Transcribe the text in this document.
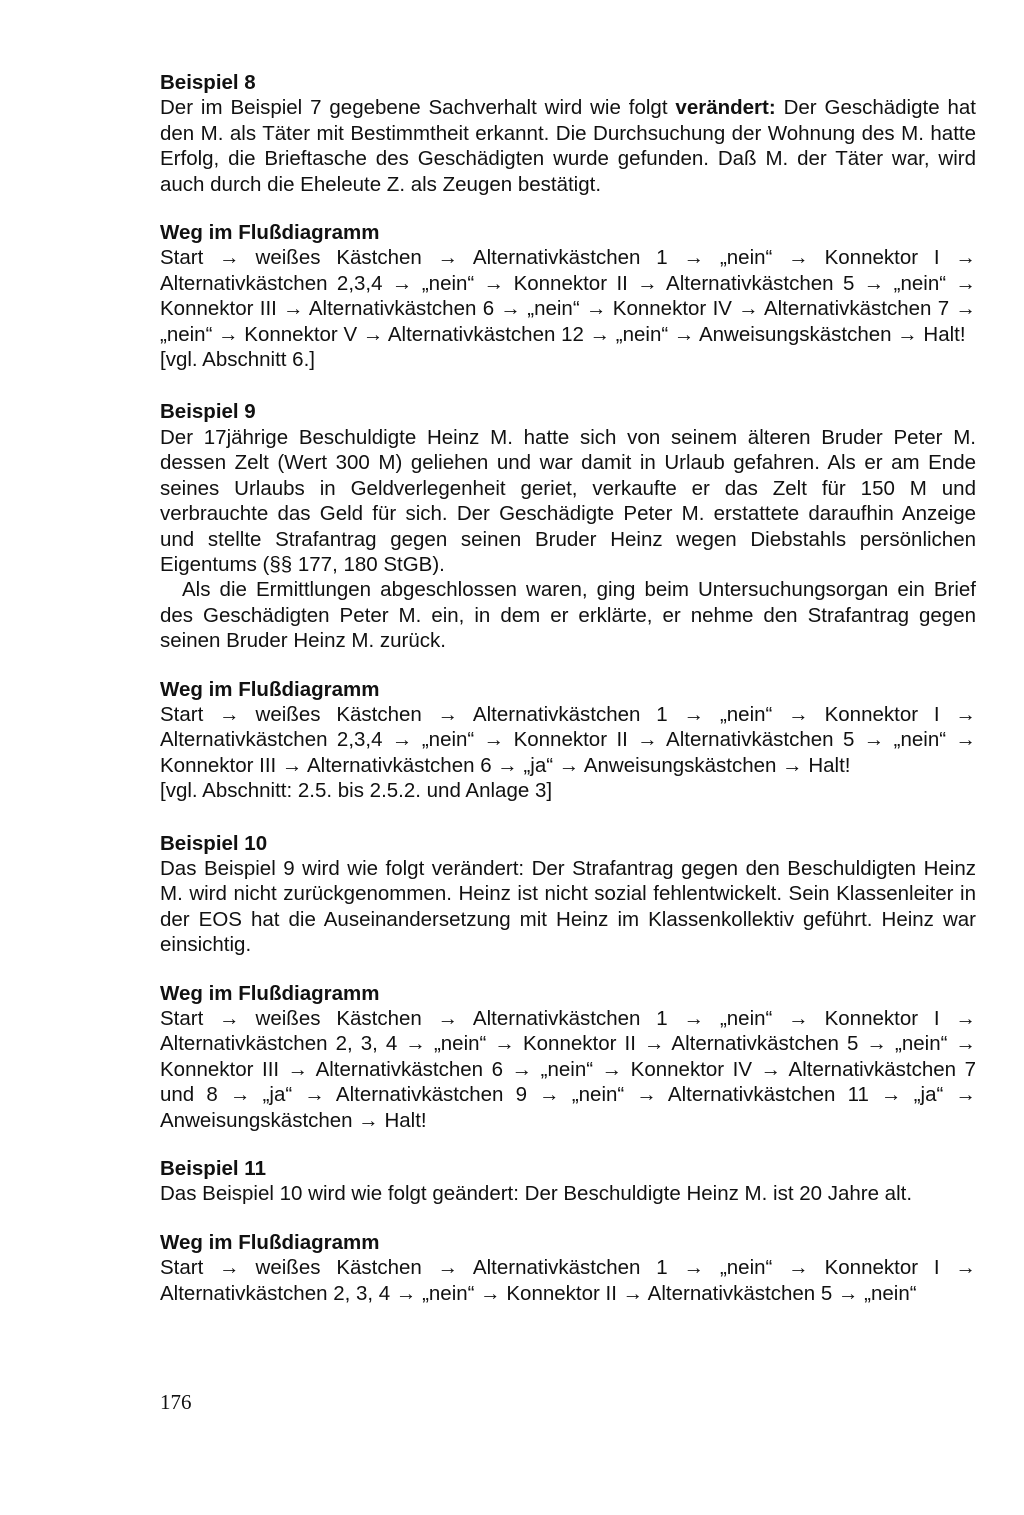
Beispiel 8

Der im Beispiel 7 gegebene Sachverhalt wird wie folgt verändert: Der Geschädigte hat den M. als Täter mit Bestimmtheit erkannt. Die Durchsuchung der Wohnung des M. hatte Erfolg, die Brieftasche des Geschädigten wurde gefunden. Daß M. der Täter war, wird auch durch die Eheleute Z. als Zeugen bestätigt.

Weg im Flußdiagramm

Start → weißes Kästchen → Alternativkästchen 1 → „nein“ → Konnektor I → Alternativkästchen 2,3,4 → „nein“ → Konnektor II → Alternativkästchen 5 → „nein“ → Konnektor III → Alternativkästchen 6 → „nein“ → Konnektor IV → Alternativkästchen 7 → „nein“ → Konnektor V → Alternativkästchen 12 → „nein“ → Anweisungskästchen → Halt!

[vgl. Abschnitt 6.]

Beispiel 9

Der 17jährige Beschuldigte Heinz M. hatte sich von seinem älteren Bruder Peter M. dessen Zelt (Wert 300 M) geliehen und war damit in Urlaub gefahren. Als er am Ende seines Urlaubs in Geldverlegenheit geriet, verkaufte er das Zelt für 150 M und verbrauchte das Geld für sich. Der Geschädigte Peter M. erstattete daraufhin Anzeige und stellte Strafantrag gegen seinen Bruder Heinz wegen Diebstahls persönlichen Eigentums (§§ 177, 180 StGB).

Als die Ermittlungen abgeschlossen waren, ging beim Untersuchungsorgan ein Brief des Geschädigten Peter M. ein, in dem er erklärte, er nehme den Strafantrag gegen seinen Bruder Heinz M. zurück.

Weg im Flußdiagramm

Start → weißes Kästchen → Alternativkästchen 1 → „nein“ → Konnektor I → Alternativkästchen 2,3,4 → „nein“ → Konnektor II → Alternativkästchen 5 → „nein“ → Konnektor III → Alternativkästchen 6 → „ja“ → Anweisungskästchen → Halt!

[vgl. Abschnitt: 2.5. bis 2.5.2. und Anlage 3]

Beispiel 10

Das Beispiel 9 wird wie folgt verändert: Der Strafantrag gegen den Beschuldigten Heinz M. wird nicht zurückgenommen. Heinz ist nicht sozial fehlentwickelt. Sein Klassenleiter in der EOS hat die Auseinandersetzung mit Heinz im Klassenkollektiv geführt. Heinz war einsichtig.

Weg im Flußdiagramm

Start → weißes Kästchen → Alternativkästchen 1 → „nein“ → Konnektor I → Alternativkästchen 2, 3, 4 → „nein“ → Konnektor II → Alternativkästchen 5 → „nein“ → Konnektor III → Alternativkästchen 6 → „nein“ → Konnektor IV → Alternativkästchen 7 und 8 → „ja“ → Alternativkästchen 9 → „nein“ → Alternativkästchen 11 → „ja“ → Anweisungskästchen → Halt!

Beispiel 11

Das Beispiel 10 wird wie folgt geändert: Der Beschuldigte Heinz M. ist 20 Jahre alt.

Weg im Flußdiagramm

Start → weißes Kästchen → Alternativkästchen 1 → „nein“ → Konnektor I → Alternativkästchen 2, 3, 4 → „nein“ → Konnektor II → Alternativkästchen 5 → „nein“

176
